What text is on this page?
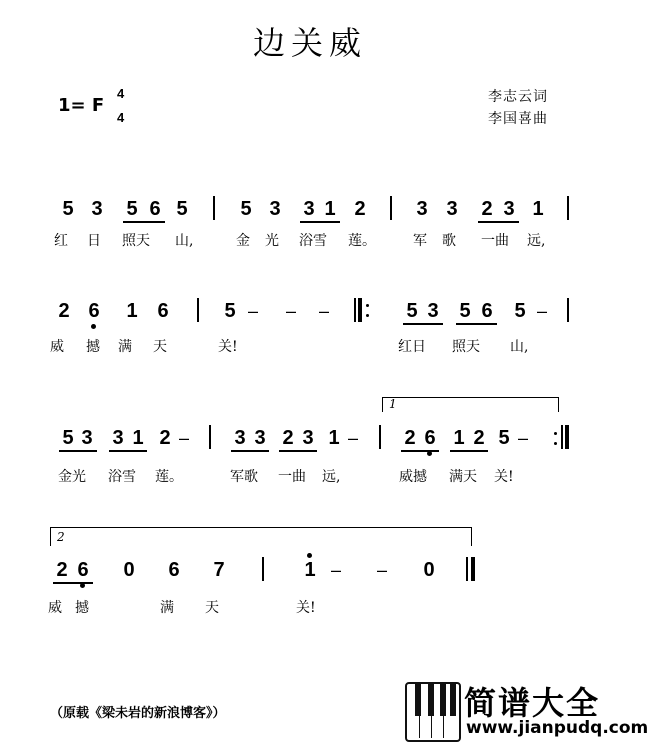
边关威
1= F
4
4
李志云词
李国喜曲
5 3 5 6 5	5 3 3 1 2	3 3 2 3 1
红 日 照天 山,	金 光 浴雪 莲。	军 歌 一曲 远,
2 6 1 6	5 – – –	5 3 5 6 5 –
威 撼 满 天	关!	红日 照天 山,
1
5 3 3 1 2 – 3 3 2 3 1 – 2 6 1 2 5 –
金光 浴雪 莲。	军歌 一曲 远,	威撼 满天 关!
2
2 6 0 6 7	1 – – 0
威 撼	满 天	关!
（原载《梁未岩的新浪博客》）	简谱大全
www.jianpudq.com
